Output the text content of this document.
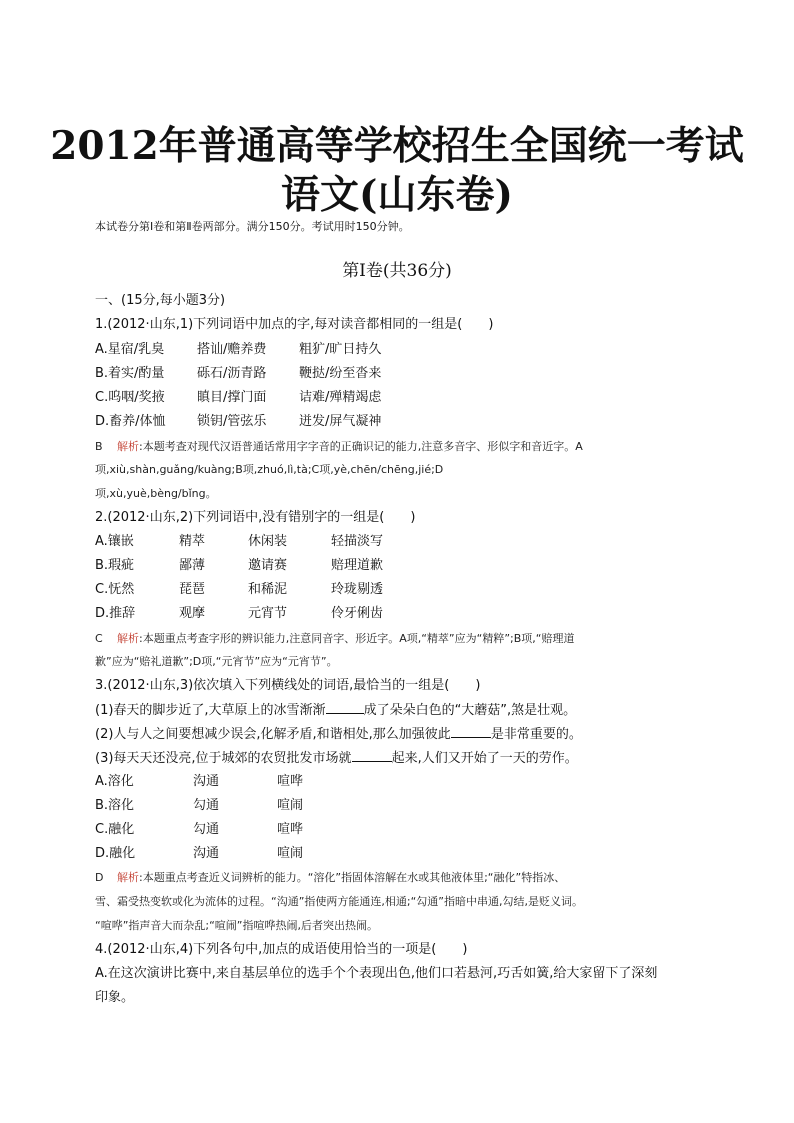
2012年普通高等学校招生全国统一考试
语文(山东卷)
本试卷分第Ⅰ卷和第Ⅱ卷两部分。满分150分。考试用时150分钟。
第Ⅰ卷(共36分)
一、(15分,每小题3分)
1.(2012·山东,1)下列词语中加点的字,每对读音都相同的一组是(　　)
A.星宿/乳臭	搭讪/赡养费	粗犷/旷日持久
B.着实/酌量	砾石/沥青路	鞭挞/纷至沓来
C.呜咽/奖掖 瞋目/撑门面	诘难/殚精竭虑
D.畜养/体恤 锁钥/管弦乐	迸发/屏气凝神
B 解析:本题考查对现代汉语普通话常用字字音的正确识记的能力,注意多音字、形似字和音近字。A
项,xiù,shàn,guǎng/kuàng;B项,zhuó,lì,tà;C项,yè,chēn/chēng,jié;D
项,xù,yuè,bèng/bǐng。
2.(2012·山东,2)下列词语中,没有错别字的一组是(　　)
A.镶嵌	精萃	休闲装	轻描淡写
B.瑕疵	鄙薄	邀请赛	赔理道歉
C.怃然	琵琶	和稀泥	玲珑剔透
D.推辞	观摩	元宵节	伶牙俐齿
C 解析:本题重点考查字形的辨识能力,注意同音字、形近字。A项,“精萃”应为“精粹”;B项,“赔理道
歉”应为“赔礼道歉”;D项,“元宵节”应为“元宵节”。
3.(2012·山东,3)依次填入下列横线处的词语,最恰当的一组是(　　)
(1)春天的脚步近了,大草原上的冰雪渐渐	成了朵朵白色的“大蘑菇”,煞是壮观。
(2)人与人之间要想减少误会,化解矛盾,和谐相处,那么加强彼此	是非常重要的。
(3)每天天还没亮,位于城郊的农贸批发市场就	起来,人们又开始了一天的劳作。
A.溶化	沟通	喧哗
B.溶化	勾通	喧闹
C.融化	勾通	喧哗
D.融化	沟通	喧闹
D 解析:本题重点考查近义词辨析的能力。“溶化”指固体溶解在水或其他液体里;“融化”特指冰、
雪、霜受热变软或化为流体的过程。“沟通”指使两方能通连,相通;“勾通”指暗中串通,勾结,是贬义词。
“喧哗”指声音大而杂乱;“喧闹”指喧哗热闹,后者突出热闹。
4.(2012·山东,4)下列各句中,加点的成语使用恰当的一项是(　　)
A.在这次演讲比赛中,来自基层单位的选手个个表现出色,他们口若悬河,巧舌如簧,给大家留下了深刻
印象。
